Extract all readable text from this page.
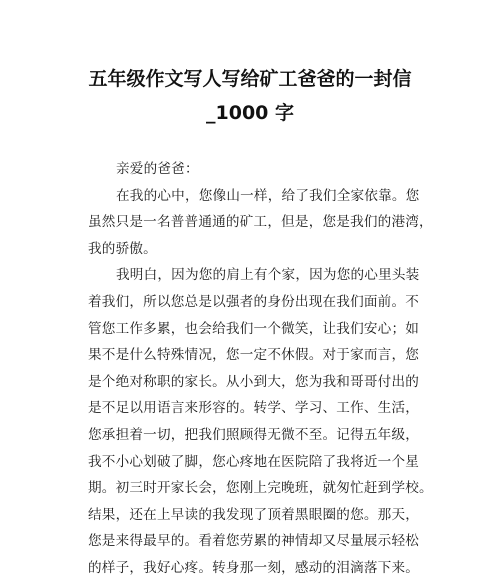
五年级作文写人写给矿工爸爸的一封信
_1000 字
亲爱的爸爸：
在我的心中，您像山一样，给了我们全家依靠。您
虽然只是一名普普通通的矿工，但是，您是我们的港湾，
我的骄傲。
我明白，因为您的肩上有个家，因为您的心里头装
着我们，所以您总是以强者的身份出现在我们面前。不
管您工作多累，也会给我们一个微笑，让我们安心；如
果不是什么特殊情况，您一定不休假。对于家而言，您
是个绝对称职的家长。从小到大，您为我和哥哥付出的
是不足以用语言来形容的。转学、学习、工作、生活，
您承担着一切，把我们照顾得无微不至。记得五年级，
我不小心划破了脚，您心疼地在医院陪了我将近一个星
期。初三时开家长会，您刚上完晚班，就匆忙赶到学校。
结果，还在上早读的我发现了顶着黑眼圈的您。那天，
您是来得最早的。看着您劳累的神情却又尽量展示轻松
的样子，我好心疼。转身那一刻，感动的泪滴落下来。
